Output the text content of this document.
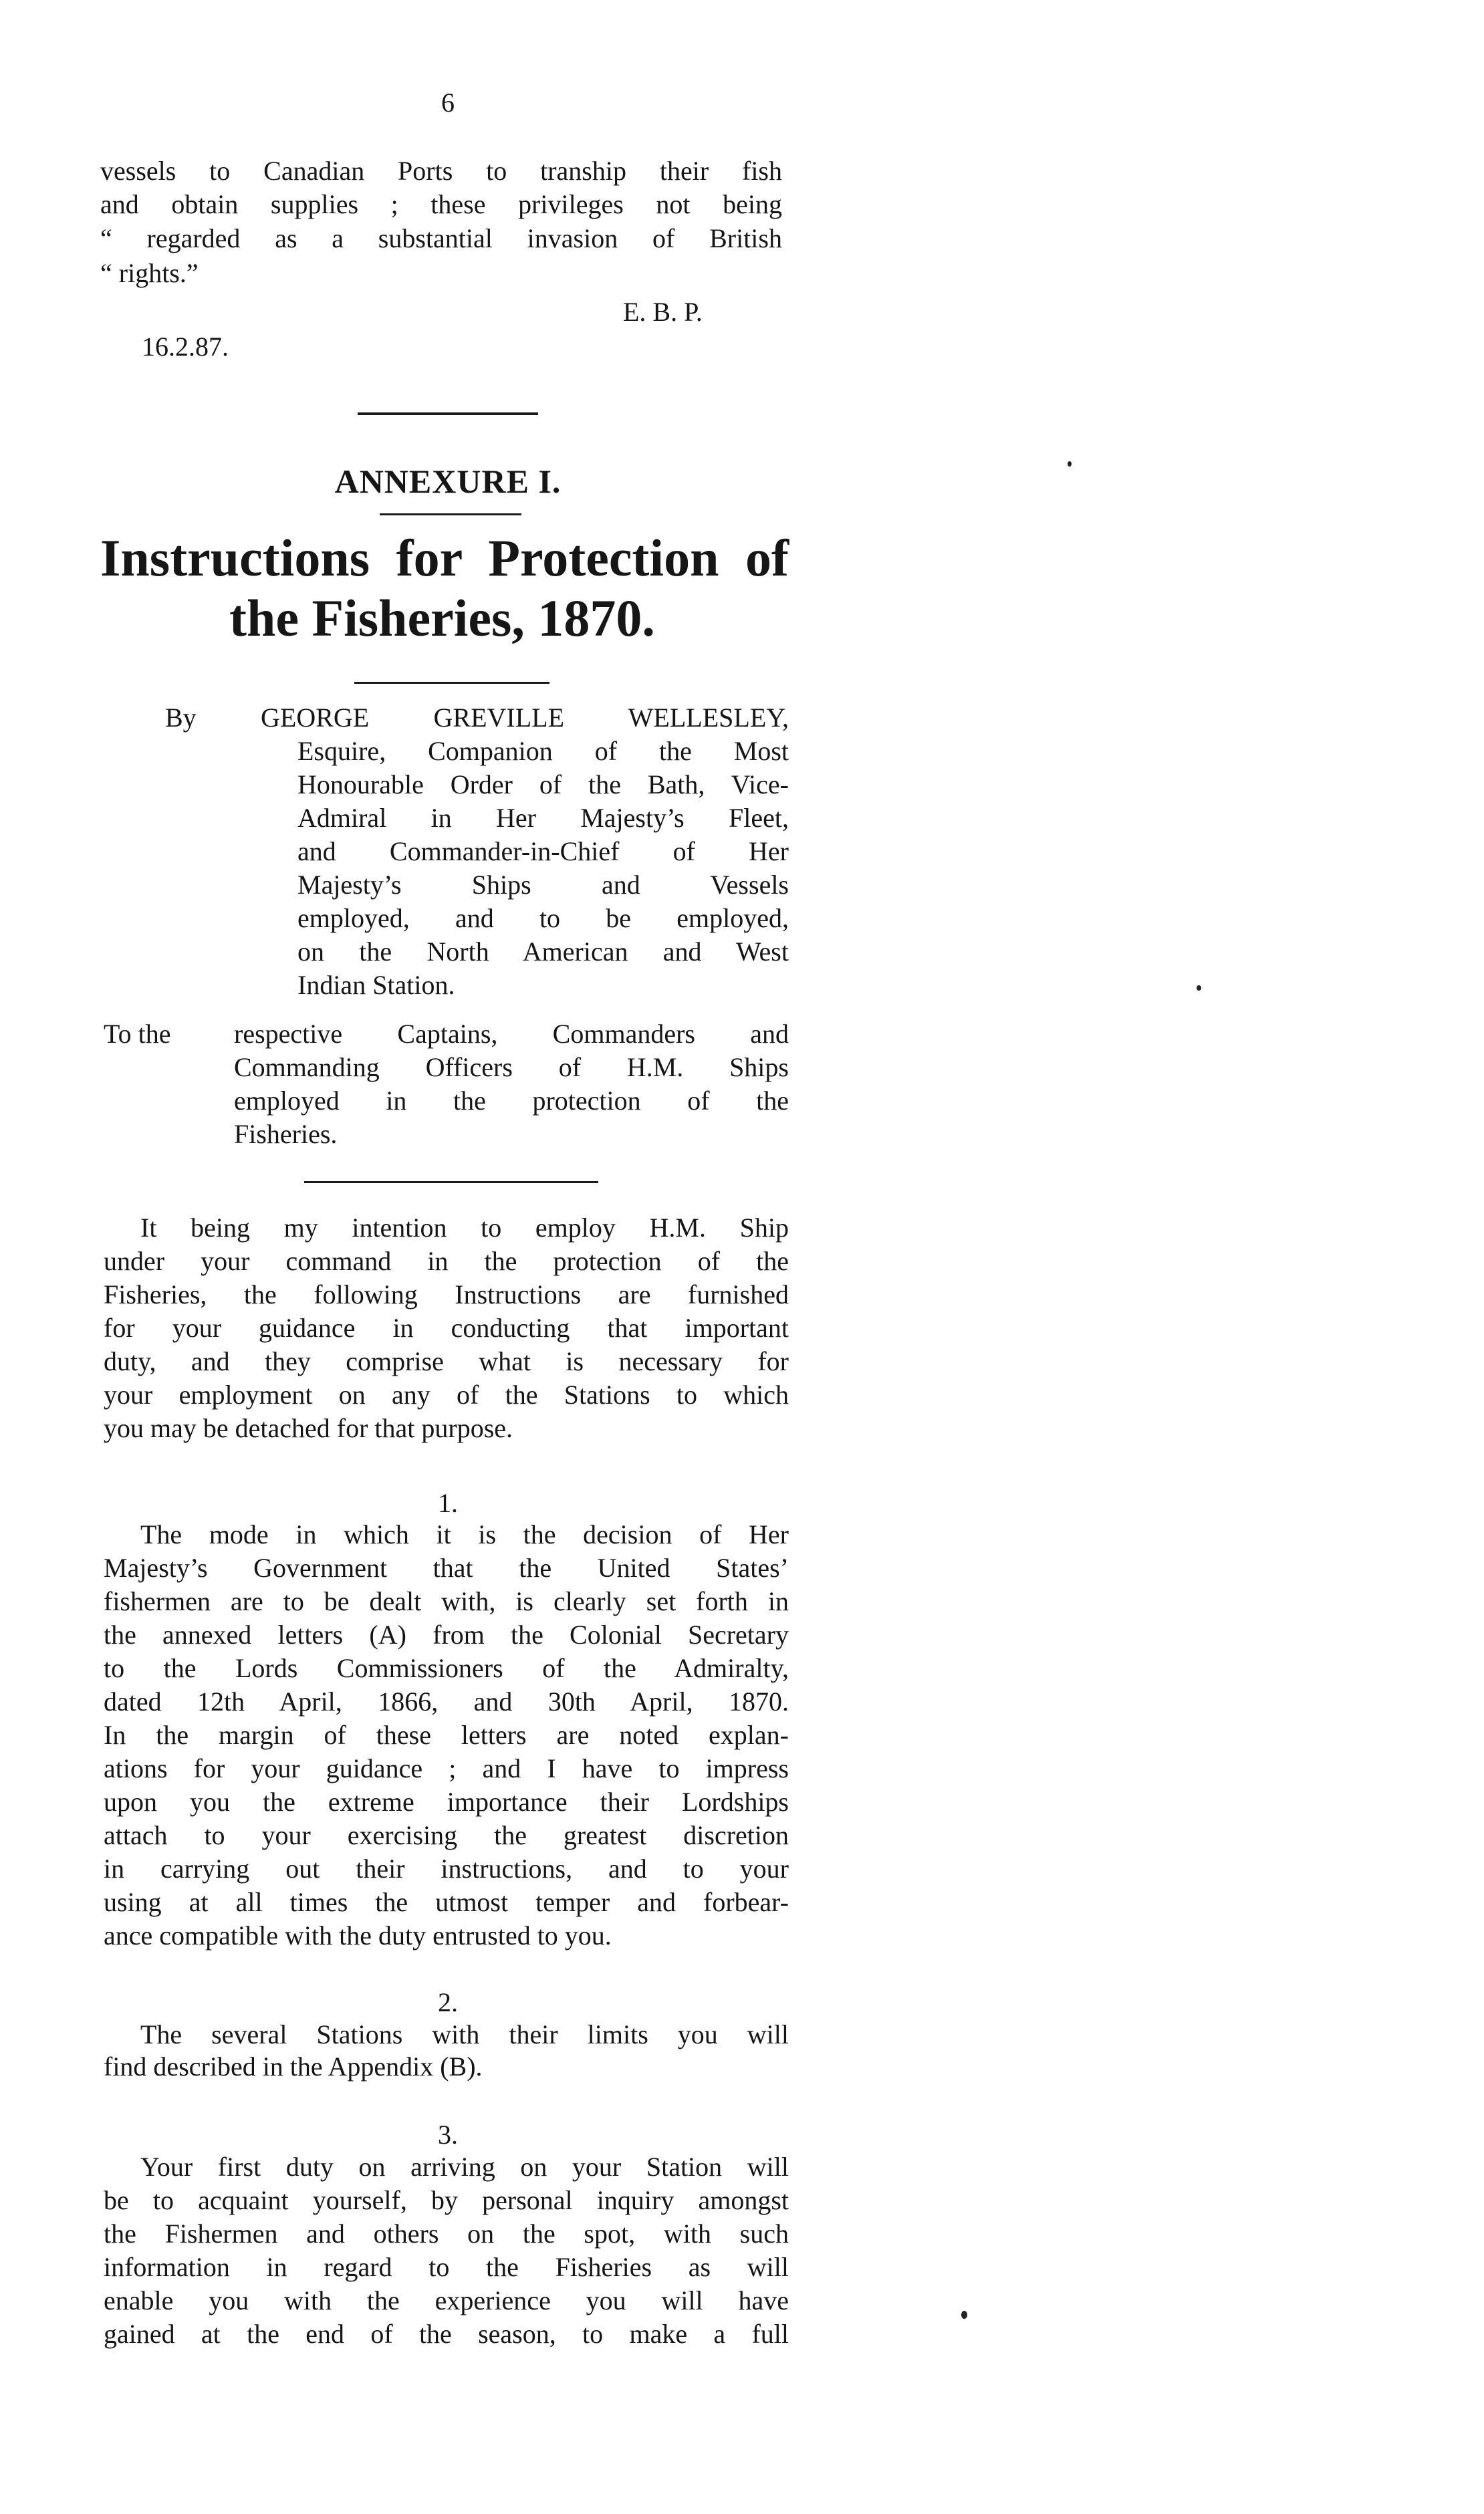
6
vessels to Canadian Ports to tranship their fish
and obtain supplies ; these privileges not being
“ regarded as a substantial invasion of British
“ rights.”
E. B. P.
16.2.87.
ANNEXURE I.
Instructions for Protection of
the Fisheries, 1870.
By GEORGE GREVILLE WELLESLEY,
Esquire, Companion of the Most
Honourable Order of the Bath, Vice-
Admiral in Her Majesty’s Fleet,
and Commander-in-Chief of Her
Majesty’s Ships and Vessels
employed, and to be employed,
on the North American and West
Indian Station.
To the respective Captains, Commanders and
Commanding Officers of H.M. Ships
employed in the protection of the
Fisheries.
It being my intention to employ H.M. Ship
under your command in the protection of the
Fisheries, the following Instructions are furnished
for your guidance in conducting that important
duty, and they comprise what is necessary for
your employment on any of the Stations to which
you may be detached for that purpose.
1.
The mode in which it is the decision of Her
Majesty’s Government that the United States’
fishermen are to be dealt with, is clearly set forth in
the annexed letters (A) from the Colonial Secretary
to the Lords Commissioners of the Admiralty,
dated 12th April, 1866, and 30th April, 1870.
In the margin of these letters are noted explan-
ations for your guidance ; and I have to impress
upon you the extreme importance their Lordships
attach to your exercising the greatest discretion
in carrying out their instructions, and to your
using at all times the utmost temper and forbear-
ance compatible with the duty entrusted to you.
2.
The several Stations with their limits you will
find described in the Appendix (B).
3.
Your first duty on arriving on your Station will
be to acquaint yourself, by personal inquiry amongst
the Fishermen and others on the spot, with such
information in regard to the Fisheries as will
enable you with the experience you will have
gained at the end of the season, to make a full
